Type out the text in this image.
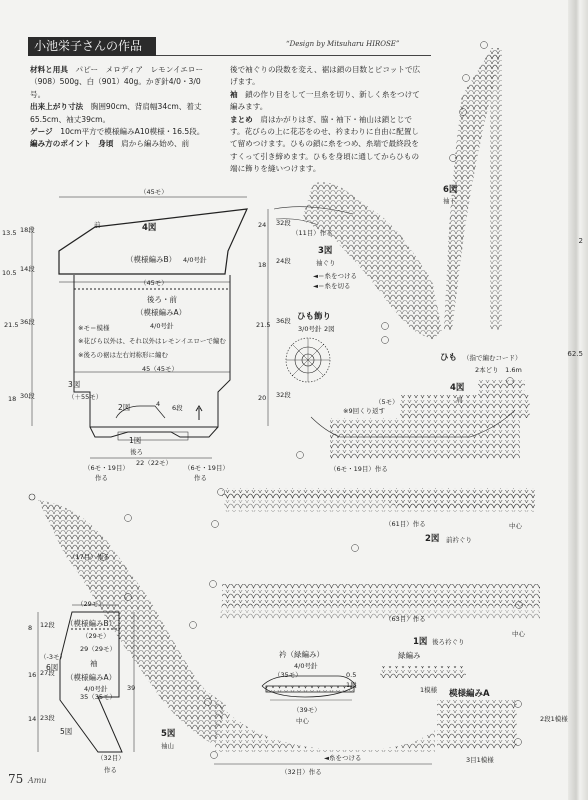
2
62.5
小池栄子さんの作品	“Design by Mitsuharu HIROSE”

材料と用具　パピー　メロディア　レモンイエロー（908）500g、白（901）40g。かぎ針4/0・3/0号。

出来上がり寸法　胸囲90cm、背肩幅34cm、着丈65.5cm、袖丈39cm。

ゲージ　10cm平方で模様編みA10模様・16.5段。

編み方のポイント　身頃　肩から編み始め、前

後で袖ぐりの段数を変え、裾は鎖の目数とピコットで広げます。

袖　鎖の作り目をして一旦糸を切り、新しく糸をつけて編みます。

まとめ　肩はかがりはぎ、脇・袖下・袖山は鎖とじです。花びらの上に花芯をのせ、衿まわりに自由に配置して留めつけます。ひもの鎖に糸をつめ、糸端で最終段をすくって引き締めます。ひもを身頃に通してからひもの端に飾りを縫いつけます。

（45モ）
前	4図
（模様編みB） 4/0号針
（45モ）
後ろ・前
（模様編みA）
4/0号針
※モ＝模様
※花びら以外は、それ以外はレモンイエローで編む
※後ろの裾は左右対称形に編む
45（45モ）
3図
（＋55モ）
2図	4
1図
後ろ
22（22モ）
（6モ・19目）	（6モ・19目）
作る	作る
13.5 18段
10.5 14段
21.5 36段
18 30段
24 32段
18 24段
21.5 36段
20 32段
6段
（29モ）
（模様編みB）
（29モ）
29（29モ）
（-3モ）
6図	袖
（模様編みA）
4/0号針
35（35モ）
5図
（32目）
作る
39
8 12段
16 27段
14 23段
（11目）作る
3図
袖ぐり
◄＝糸をつける
◄＝糸を切る
ひも飾り
3/0号針 2図
6図
袖下
ひも （指で編むコード）
2本どり　1.6m
4図
肩
（5モ）
※9回くり返す
（6モ・19目）作る
（61目）作る	中心
2図 前衿ぐり
（63目）作る
中心
1図 後ろ衿ぐり
（17目）作る
衿（緑編み）
4/0号針
0.5
1段
（35モ）
（39モ）
中心
緑編み
1模様 模様編みA
5図
袖山
◄糸をつける
（32目）作る
3目1模様
2段1模様
75 Amu
